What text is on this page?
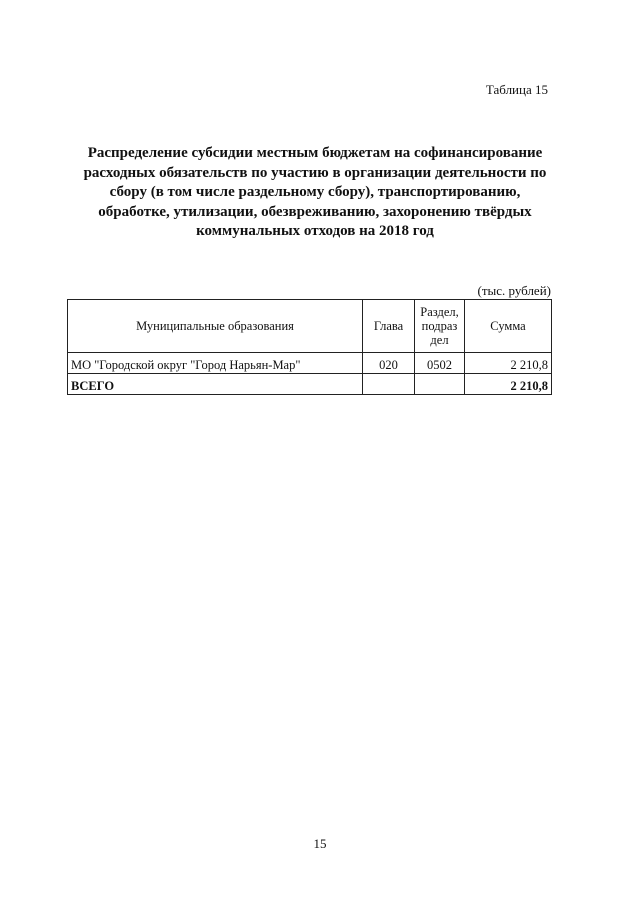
Таблица 15
Распределение субсидии местным бюджетам на софинансирование
расходных обязательств по участию в организации деятельности по
сбору (в том числе раздельному сбору), транспортированию,
обработке, утилизации, обезвреживанию, захоронению твёрдых
коммунальных отходов на 2018 год
(тыс. рублей)
Муниципальные образования	Глава	Раздел, подраз дел	Сумма
МО "Городской округ "Город Нарьян-Мар"	020	0502	2 210,8
ВСЕГО			2 210,8
15
